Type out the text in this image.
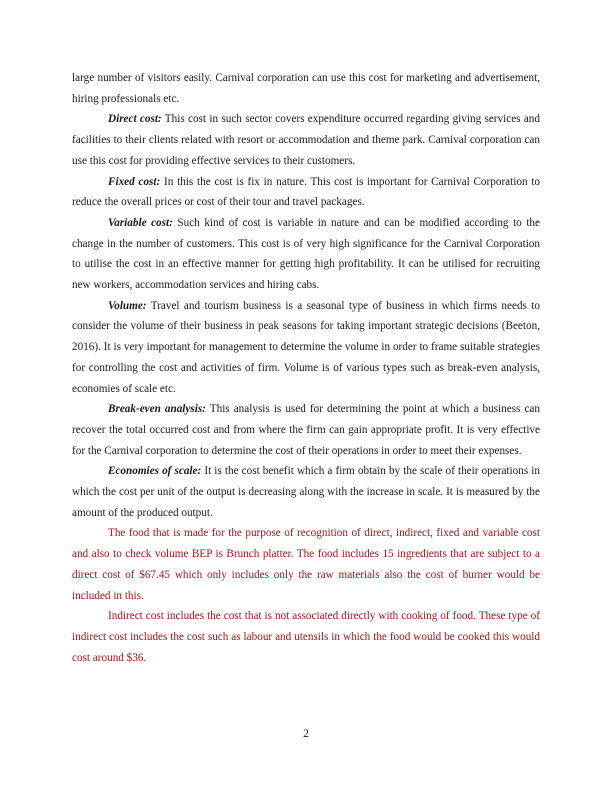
large number of visitors easily. Carnival corporation can use this cost for marketing and advertisement, hiring professionals etc.

Direct cost: This cost in such sector covers expenditure occurred regarding giving services and facilities to their clients related with resort or accommodation and theme park. Carnival corporation can use this cost for providing effective services to their customers.

Fixed cost: In this the cost is fix in nature. This cost is important for Carnival Corporation to reduce the overall prices or cost of their tour and travel packages.

Variable cost: Such kind of cost is variable in nature and can be modified according to the change in the number of customers. This cost is of very high significance for the Carnival Corporation to utilise the cost in an effective manner for getting high profitability. It can be utilised for recruiting new workers, accommodation services and hiring cabs.

Volume: Travel and tourism business is a seasonal type of business in which firms needs to consider the volume of their business in peak seasons for taking important strategic decisions (Beeton, 2016). It is very important for management to determine the volume in order to frame suitable strategies for controlling the cost and activities of firm. Volume is of various types such as break-even analysis, economies of scale etc.

Break-even analysis: This analysis is used for determining the point at which a business can recover the total occurred cost and from where the firm can gain appropriate profit. It is very effective for the Carnival corporation to determine the cost of their operations in order to meet their expenses.

Economies of scale: It is the cost benefit which a firm obtain by the scale of their operations in which the cost per unit of the output is decreasing along with the increase in scale. It is measured by the amount of the produced output.

The food that is made for the purpose of recognition of direct, indirect, fixed and variable cost and also to check volume BEP is Brunch platter. The food includes 15 ingredients that are subject to a direct cost of $67.45 which only includes only the raw materials also the cost of burner would be included in this.

Indirect cost includes the cost that is not associated directly with cooking of food. These type of indirect cost includes the cost such as labour and utensils in which the food would be cooked this would cost around $36.

2
